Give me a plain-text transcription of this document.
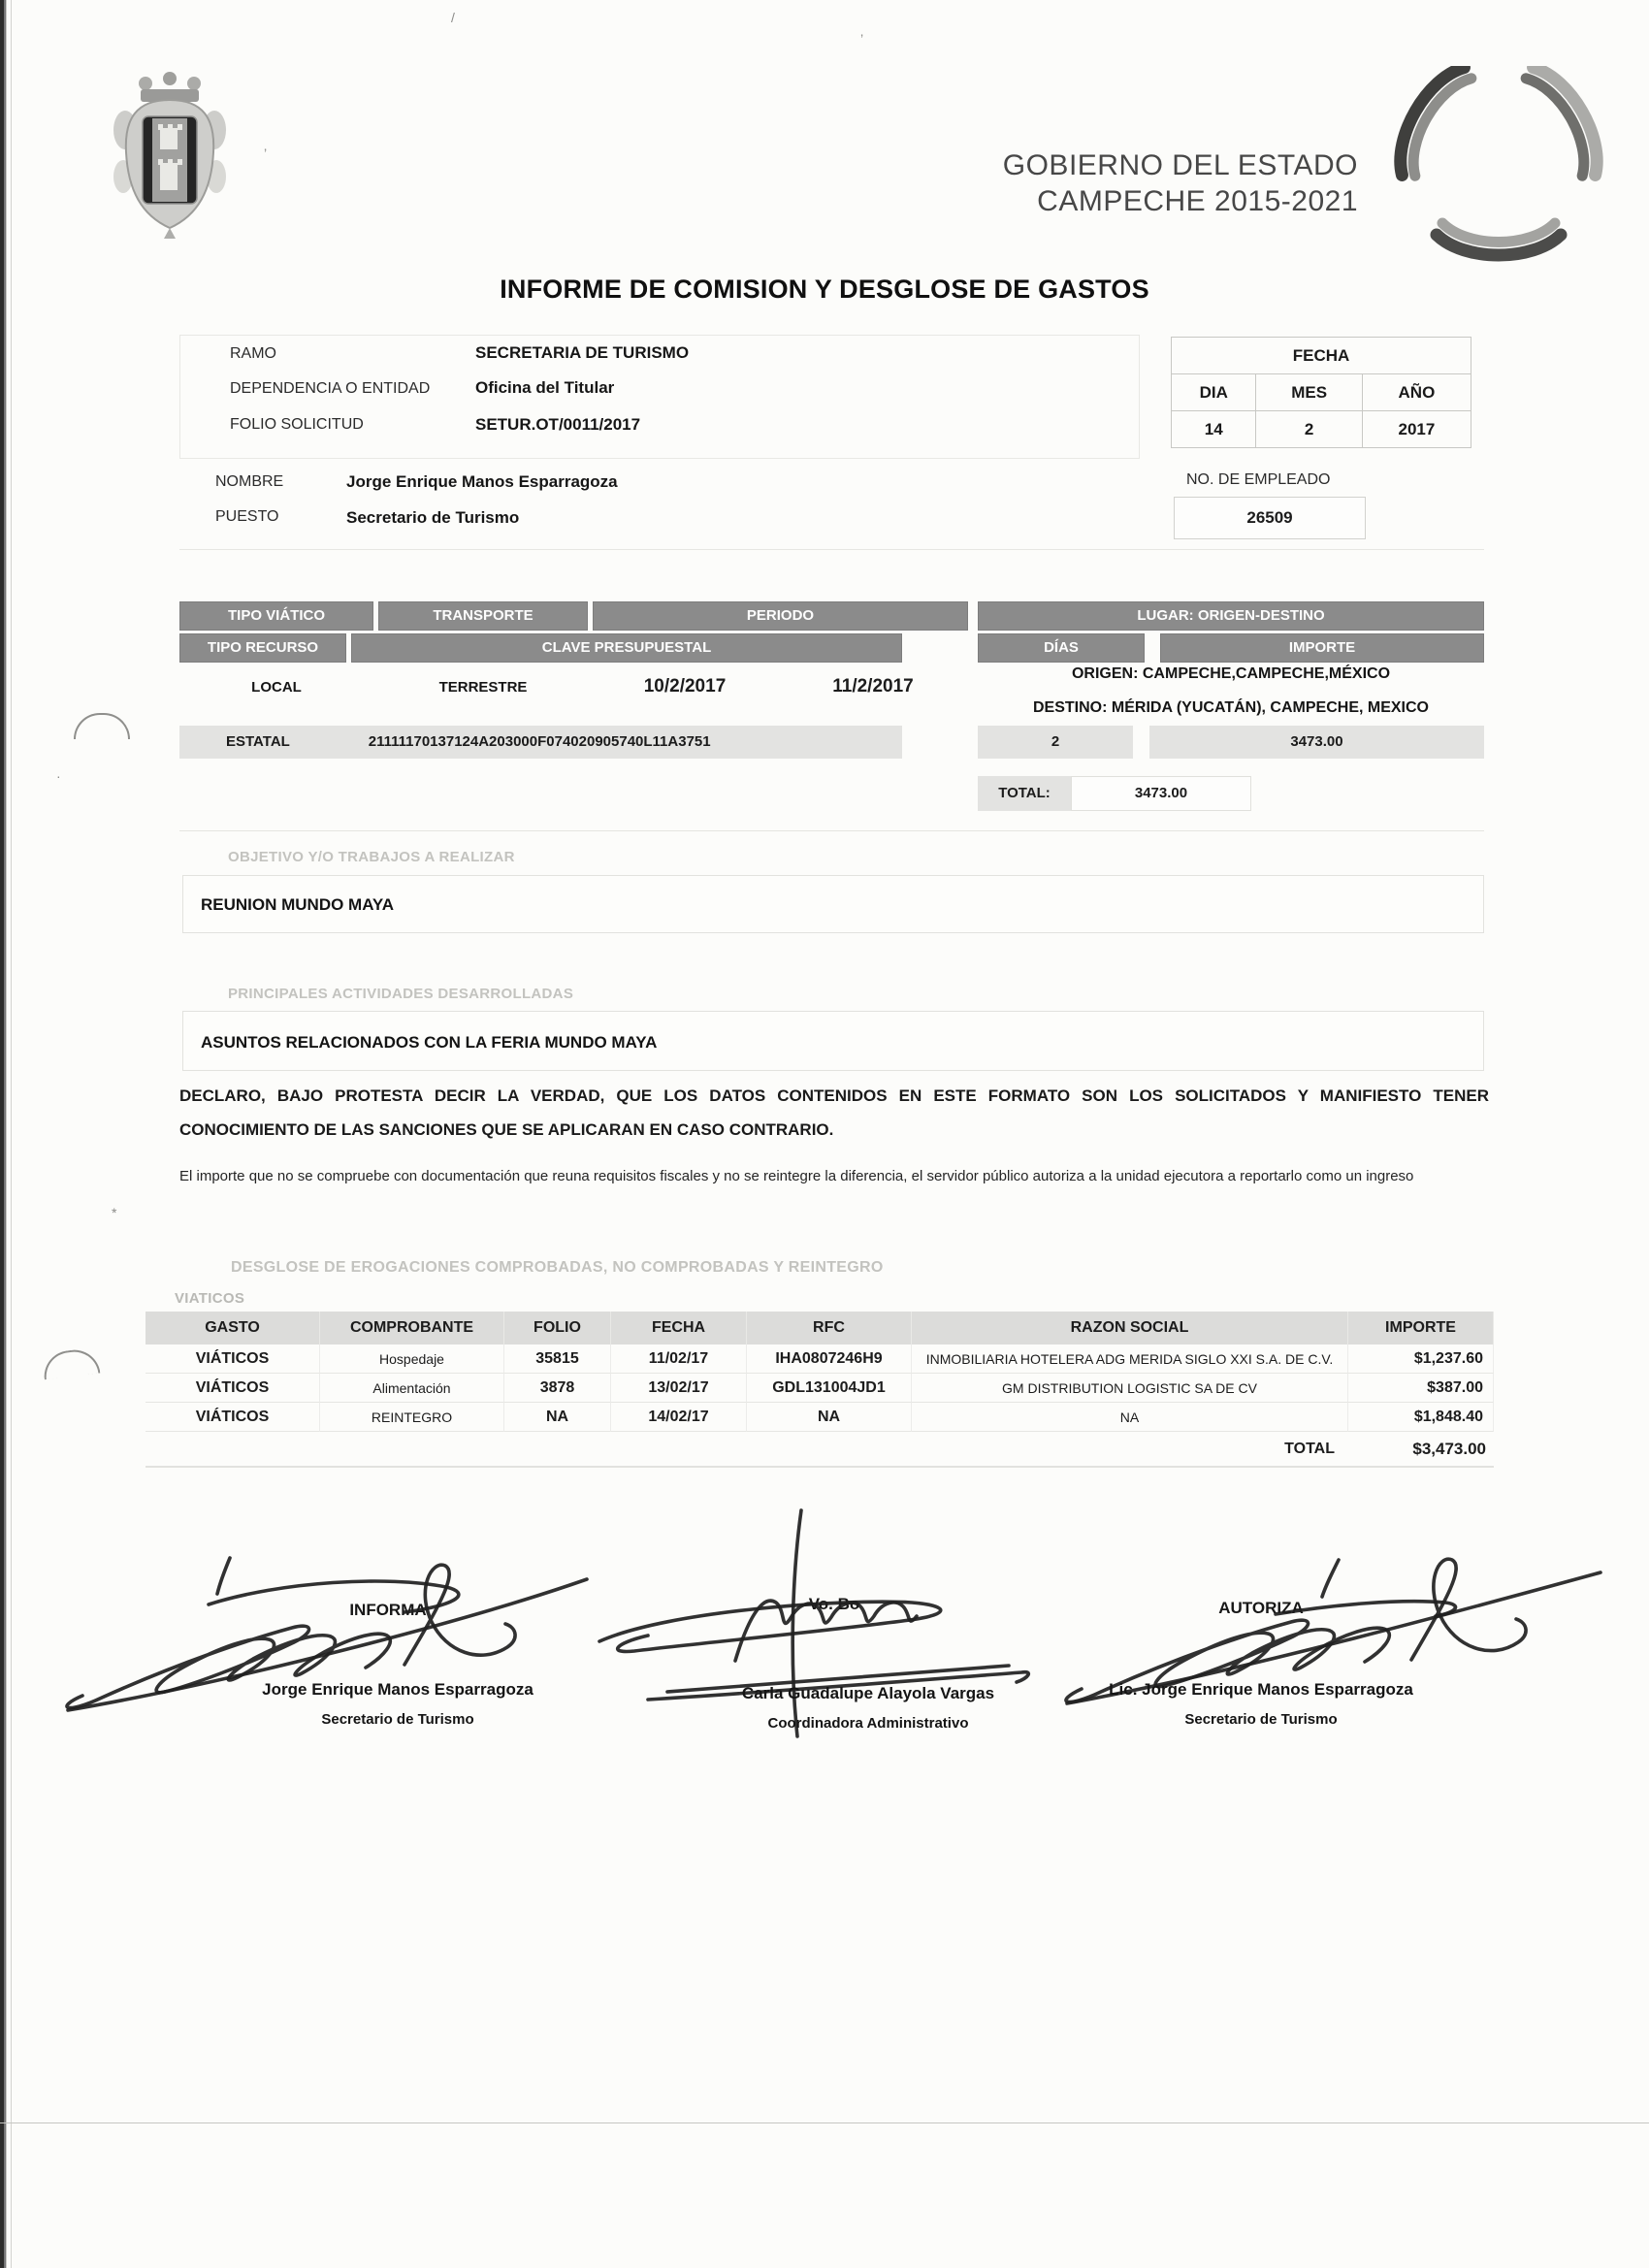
/
’
’
·
*
GOBIERNO DEL ESTADO
CAMPECHE 2015-2021
INFORME DE COMISION Y DESGLOSE DE GASTOS
RAMO	SECRETARIA DE TURISMO
DEPENDENCIA O ENTIDAD	Oficina del Titular
FOLIO SOLICITUD	SETUR.OT/0011/2017
FECHA		
DIA	MES	AÑO
14	2	2017
NOMBRE	Jorge Enrique Manos Esparragoza
PUESTO	Secretario de Turismo
NO. DE EMPLEADO
26509
TIPO VIÁTICO	TRANSPORTE	PERIODO	LUGAR: ORIGEN-DESTINO
TIPO RECURSO	CLAVE PRESUPUESTAL	DÍAS	IMPORTE
LOCAL	TERRESTRE	10/2/2017	11/2/2017
ORIGEN: CAMPECHE,CAMPECHE,MÉXICO
DESTINO: MÉRIDA (YUCATÁN), CAMPECHE, MEXICO
ESTATAL	21111170137124A203000F074020905740L11A3751	2	3473.00
TOTAL:	3473.00
OBJETIVO Y/O TRABAJOS A REALIZAR
REUNION MUNDO MAYA
PRINCIPALES ACTIVIDADES DESARROLLADAS
ASUNTOS RELACIONADOS CON LA FERIA MUNDO MAYA
DECLARO, BAJO PROTESTA DECIR LA VERDAD, QUE LOS DATOS CONTENIDOS EN ESTE FORMATO SON LOS SOLICITADOS Y MANIFIESTO TENER CONOCIMIENTO DE LAS SANCIONES QUE SE APLICARAN EN CASO CONTRARIO.
El importe que no se compruebe con documentación que reuna requisitos fiscales y no se reintegre la diferencia, el servidor público autoriza a la unidad ejecutora a reportarlo como un ingreso
DESGLOSE DE EROGACIONES COMPROBADAS, NO COMPROBADAS Y REINTEGRO
VIATICOS
GASTO	COMPROBANTE	FOLIO	FECHA	RFC	RAZON SOCIAL	IMPORTE
VIÁTICOS	Hospedaje	35815	11/02/17	IHA0807246H9	INMOBILIARIA HOTELERA ADG MERIDA SIGLO XXI S.A. DE C.V.	$1,237.60
VIÁTICOS	Alimentación	3878	13/02/17	GDL131004JD1	GM DISTRIBUTION LOGISTIC SA DE CV	$387.00
VIÁTICOS	REINTEGRO	NA	14/02/17	NA	NA	$1,848.40
TOTAL	$3,473.00
INFORMA
Jorge Enrique Manos Esparragoza
Secretario de Turismo
Vo. Bo
Carla Guadalupe Alayola Vargas
Coordinadora Administrativo
AUTORIZA
Lic. Jorge Enrique Manos Esparragoza
Secretario de Turismo
